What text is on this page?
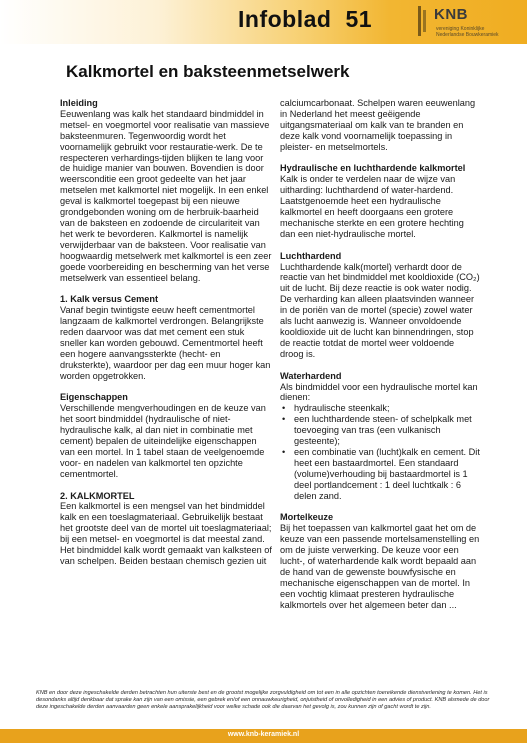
Infoblad 51	KNB
vereniging Koninklijke
Nederlandse Bouwkeramiek
Kalkmortel en baksteenmetselwerk

Inleiding

Eeuwenlang was kalk het standaard bindmiddel in metsel- en voegmortel voor realisatie van massieve baksteenmuren. Tegenwoordig wordt het voornamelijk gebruikt voor restauratie-werk. De te respecteren verhardings-tijden blijken te lang voor de huidige manier van bouwen. Bovendien is door weersconditie een groot gedeelte van het jaar metselen met kalkmortel niet mogelijk. In een enkel geval is kalkmortel toegepast bij een nieuwe grondgebonden woning om de herbruik-baarheid van de baksteen en zodoende de circulariteit van het werk te bevorderen. Kalkmortel is namelijk verwijderbaar van de baksteen. Voor realisatie van hoogwaardig metselwerk met kalkmortel is een zeer goede voorbereiding en bescherming van het verse metselwerk van essentieel belang.

1. Kalk versus Cement

Vanaf begin twintigste eeuw heeft cementmortel langzaam de kalkmortel verdrongen. Belangrijkste reden daarvoor was dat met cement een stuk sneller kan worden gebouwd. Cementmortel heeft een hogere aanvangssterkte (hecht- en druksterkte), waardoor per dag een muur hoger kan worden opgetrokken.

Eigenschappen

Verschillende mengverhoudingen en de keuze van het soort bindmiddel (hydraulische of niet-hydraulische kalk, al dan niet in combinatie met cement) bepalen de uiteindelijke eigenschappen van een mortel. In 1 tabel staan de veelgenoemde voor- en nadelen van kalkmortel ten opzichte cementmortel.

2. KALKMORTEL

Een kalkmortel is een mengsel van het bindmiddel kalk en een toeslagmateriaal. Gebruikelijk bestaat het grootste deel van de mortel uit toeslagmateriaal; bij een metsel- en voegmortel is dat meestal zand. Het bindmiddel kalk wordt gemaakt van kalksteen of van schelpen. Beiden bestaan chemisch gezien uit

calciumcarbonaat. Schelpen waren eeuwenlang in Nederland het meest geëigende uitgangsmateriaal om kalk van te branden en deze kalk vond voornamelijk toepassing in pleister- en metselmortels.

Hydraulische en luchthardende kalkmortel

Kalk is onder te verdelen naar de wijze van uitharding: luchthardend of water-hardend. Laatstgenoemde heet een hydraulische kalkmortel en heeft doorgaans een grotere mechanische sterkte en een grotere hechting dan een niet-hydraulische mortel.

Luchthardend

Luchthardende kalk(mortel) verhardt door de reactie van het bindmiddel met kooldioxide (CO₂) uit de lucht. Bij deze reactie is ook water nodig. De verharding kan alleen plaatsvinden wanneer in de poriën van de mortel (specie) zowel water als lucht aanwezig is. Wanneer onvoldoende kooldioxide uit de lucht kan binnendringen, stop de reactie totdat de mortel weer voldoende droog is.

Waterhardend

Als bindmiddel voor een hydraulische mortel kan dienen:

• hydraulische steenkalk;
• een luchthardende steen- of schelpkalk met toevoeging van tras (een vulkanisch gesteente);
• een combinatie van (lucht)kalk en cement. Dit heet een bastaardmortel. Een standaard (volume)verhouding bij bastaardmortel is 1 deel portlandcement : 1 deel luchtkalk : 6 delen zand.

Mortelkeuze

Bij het toepassen van kalkmortel gaat het om de keuze van een passende mortelsamenstelling en om de juiste verwerking. De keuze voor een lucht-, of waterhardende kalk wordt bepaald aan de hand van de gewenste bouwfysische en mechanische eigenschappen van de mortel. In een vochtig klimaat presteren hydraulische kalkmortels over het algemeen beter dan ...

KNB en door deze ingeschakelde derden betrachten hun uiterste best en de grootst mogelijke zorgvuldigheid om tot een in alle opzichten toereikende dienstverlening te komen. Het is desondanks altijd denkbaar dat sprake kan zijn van een omissie, een gebrek en/of een onnauwkeurigheid, onjuistheid of onvolledigheid in een advies of product. KNB alsmede de door deze ingeschakelde derden aanvaarden geen enkele aansprakelijkheid voor welke schade ook die daarvan het gevolg is, zou kunnen zijn of gacht wordt te zijn.
www.knb-keramiek.nl
